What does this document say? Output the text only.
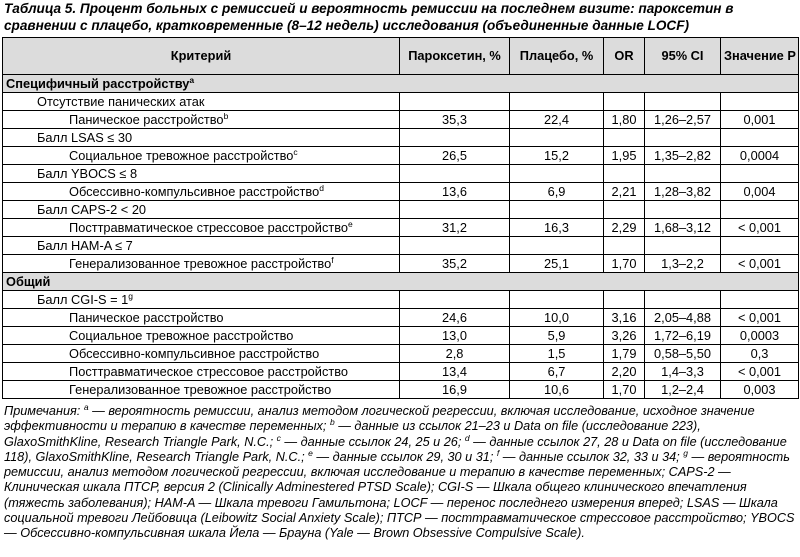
Таблица 5. Процент больных с ремиссией и вероятность ремиссии на последнем визите: пароксетин в сравнении с плацебо, кратковременные (8–12 недель) исследования (объединенные данные LOCF)
Критерий	Пароксетин, %	Плацебо, %	OR	95% CI	Значение Р
Специфичный расстройству$^a$
Отсутствие панических атак					
Паническое расстройство$^b$	35,3	22,4	1,80	1,26–2,57	0,001
Балл LSAS ≤ 30					
Социальное тревожное расстройство$^c$	26,5	15,2	1,95	1,35–2,82	0,0004
Балл YBOCS ≤ 8					
Обсессивно-компульсивное расстройство$^d$	13,6	6,9	2,21	1,28–3,82	0,004
Балл CAPS-2 < 20					
Посттравматическое стрессовое расстройство$^e$	31,2	16,3	2,29	1,68–3,12	< 0,001
Балл HAM-A ≤ 7					
Генерализованное тревожное расстройство$^f$	35,2	25,1	1,70	1,3–2,2	< 0,001
Общий					
Балл $CGI-S = 1^g$					
Паническое расстройство	24,6	10,0	3,16	2,05–4,88	< 0,001
Социальное тревожное расстройство	13,0	5,9	3,26	1,72–6,19	0,0003
Обсессивно-компульсивное расстройство	2,8	1,5	1,79	0,58–5,50	0,3
Посттравматическое стрессовое расстройство	13,4	6,7	2,20	1,4–3,3	< 0,001
Генерализованное тревожное расстройство	16,9	10,6	1,70	1,2–2,4	0,003
Примечания: $^a$ — вероятность ремиссии, анализ методом логической регрессии, включая исследование, исходное значение эффективности и терапию в качестве переменных; $^b$ — данные из ссылок 21–23 и Data on file (исследование 223), GlaxoSmithKline, Research Triangle Park, N.C.; $^c$ — данные ссылок 24, 25 и 26; $^d$ — данные ссылок 27, 28 и Data on file (исследование 118), GlaxoSmithKline, Research Triangle Park, N.C.; $^e$ — данные ссылок 29, 30 и 31; $^f$ — данные ссылок 32, 33 и 34; $^g$ — вероятность ремиссии, анализ методом логической регрессии, включая исследование и терапию в качестве переменных; CAPS-2 — Клиническая шкала ПТСР, версия 2 (Clinically Adminestered PTSD Scale); CGI-S — Шкала общего клинического впечатления (тяжесть заболевания); HAM-A — Шкала тревоги Гамильтона; LOCF — перенос последнего измерения вперед; LSAS — Шкала социальной тревоги Лейбовица (Leibowitz Social Anxiety Scale); ПТСР — посттравматическое стрессовое расстройство; YBOCS — Обсессивно-компульсивная шкала Йела — Брауна (Yale — Brown Obsessive Compulsive Scale).
